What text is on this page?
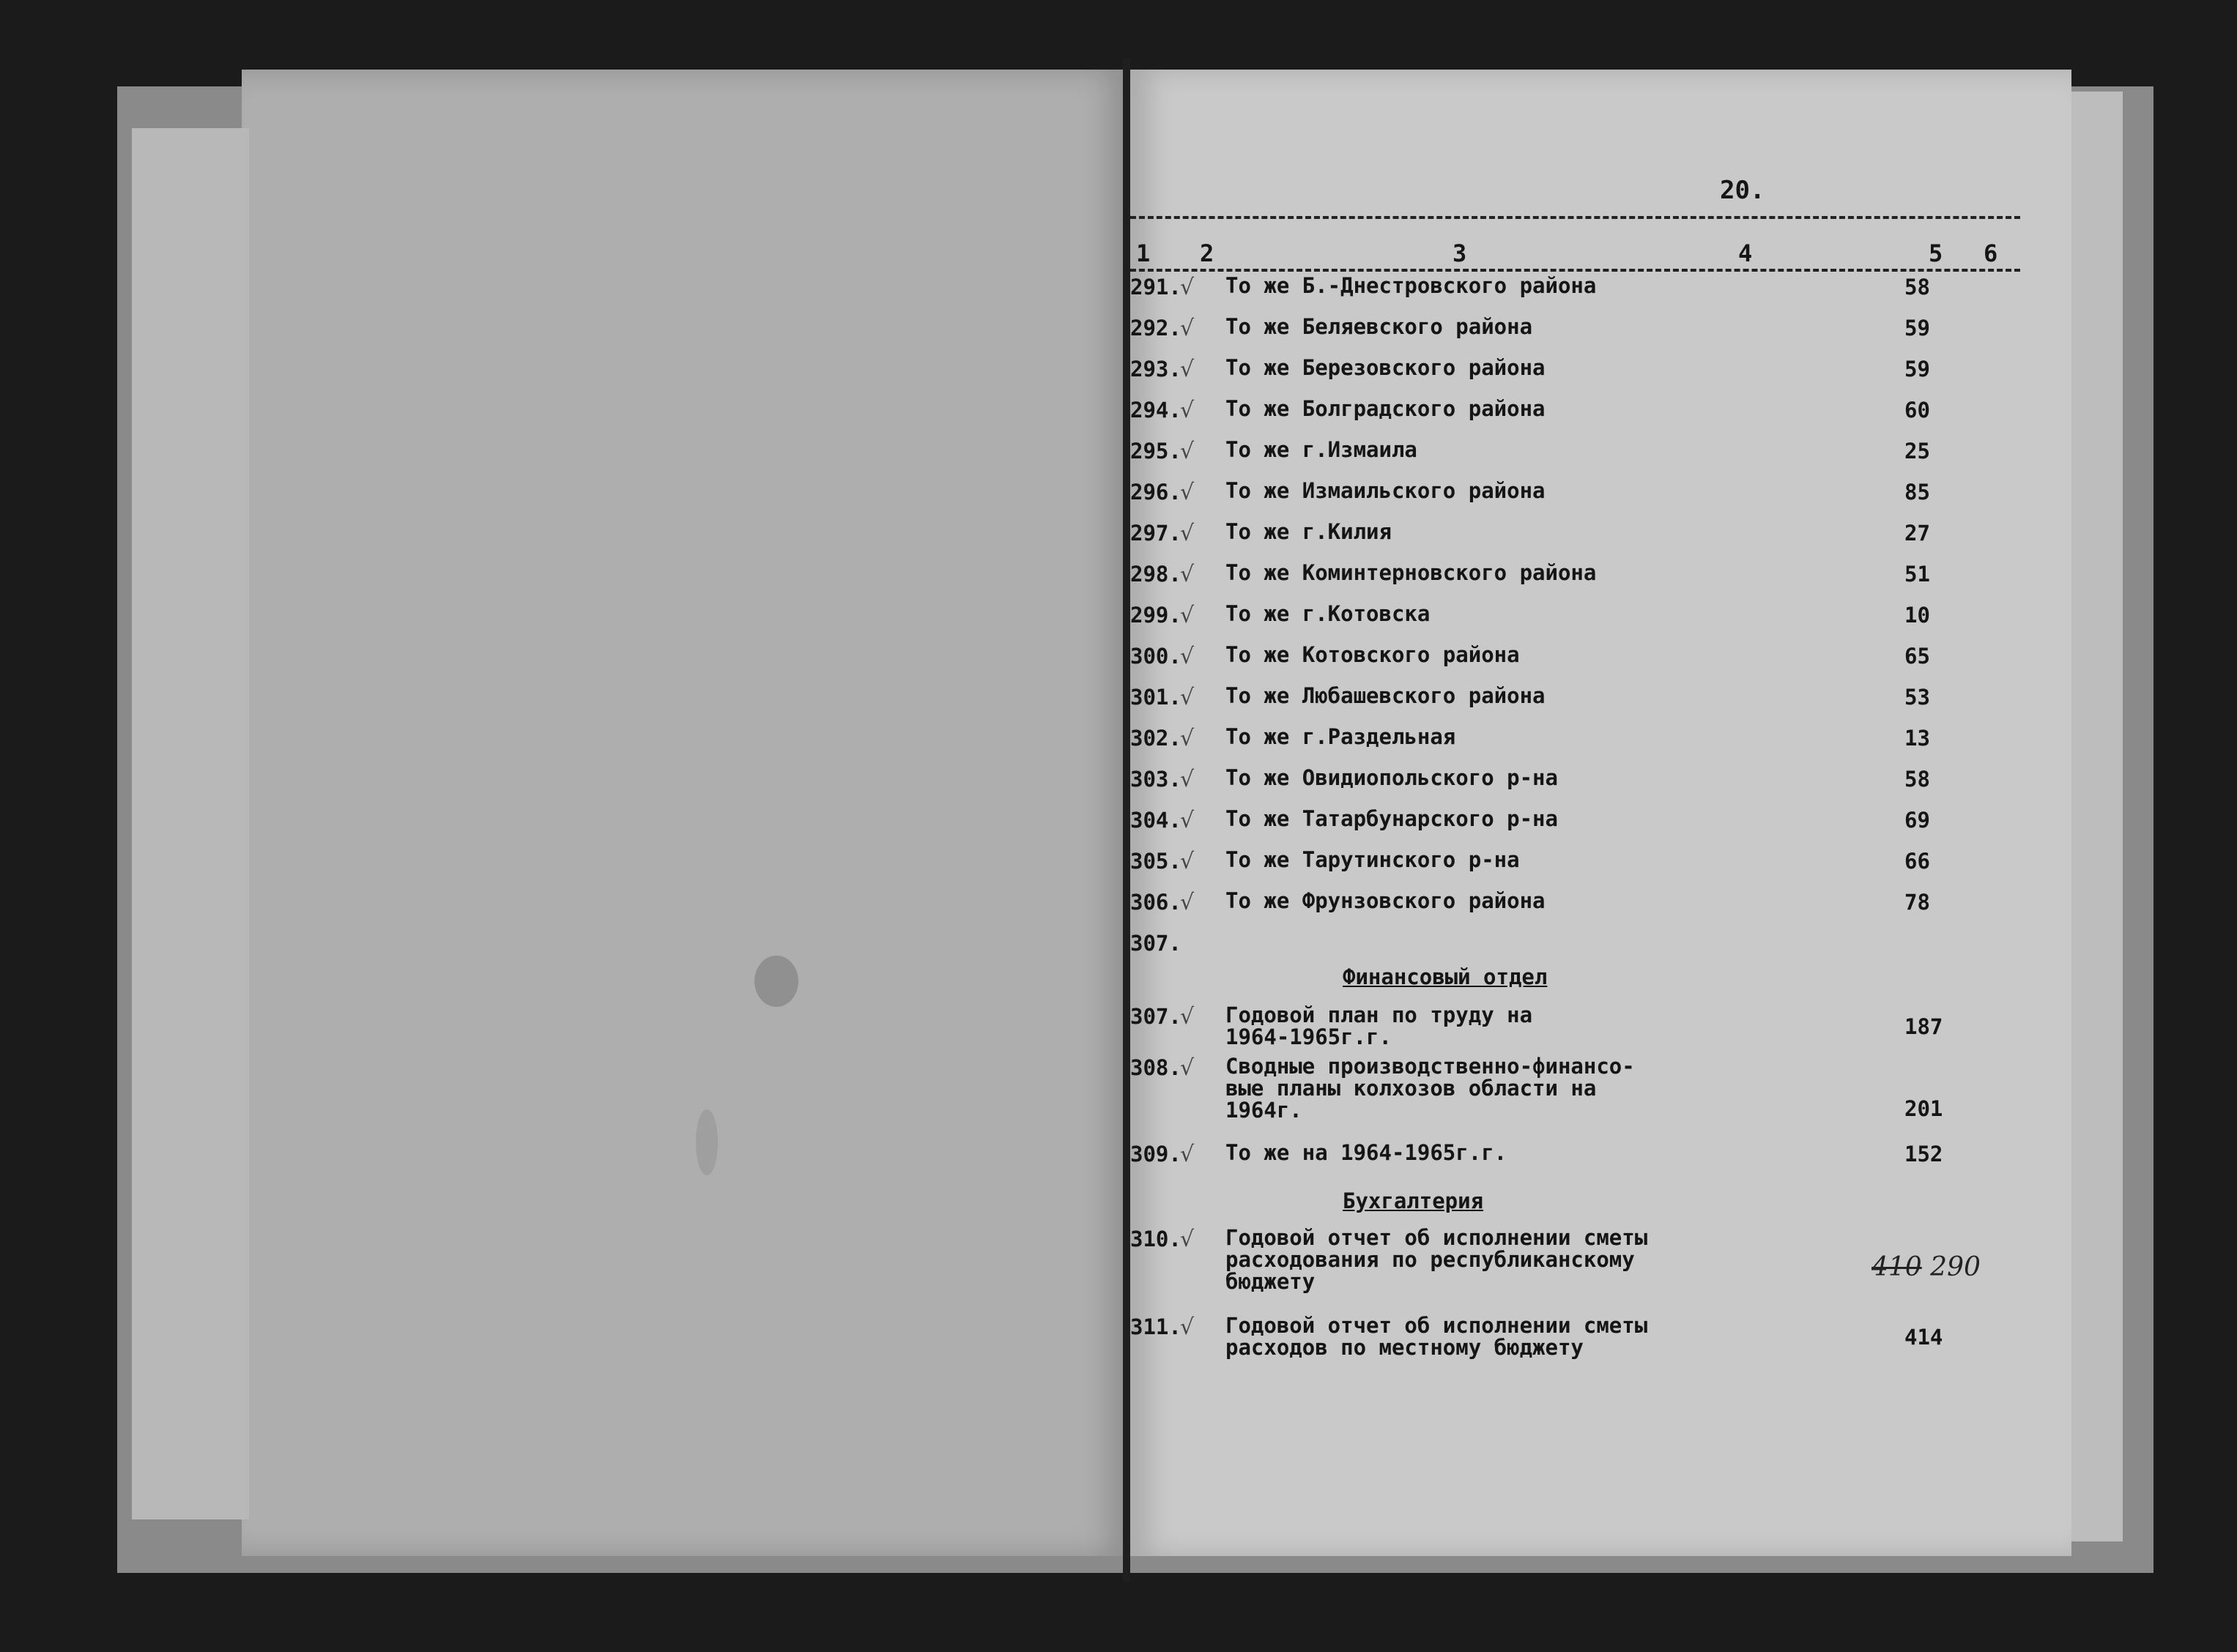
20.
1 2	3	4	5 6
291.
√ То же Б.-Днестровского района	58
292.
√ То же Беляевского района	59
293.
√ То же Березовского района	59
294.
√ То же Болградского района	60
295.
√ То же г.Измаила	25
296.
√ То же Измаильского района	85
297.
√ То же г.Килия	27
298.
√ То же Коминтерновского района	51
299.
√ То же г.Котовска	10
300.
√ То же Котовского района	65
301.
√ То же Любашевского района	53
302.
√ То же г.Раздельная	13
303.
√ То же Овидиопольского р-на	58
304.
√ То же Татарбунарского р-на	69
305.
√ То же Тарутинского р-на	66
306.
√ То же Фрунзовского района	78
307.
Финансовый отдел
307.
√ Годовой план по труду на
1964-1965г.г.	187
308.
√ Сводные производственно-финансо-
вые планы колхозов области на
1964г.	201
309.
√ То же на 1964-1965г.г.	152
Бухгалтерия
310.
√ Годовой отчет об исполнении сметы
расходования по республиканскому
бюджету	410 290
311.
√ Годовой отчет об исполнении сметы
расходов по местному бюджету	414
